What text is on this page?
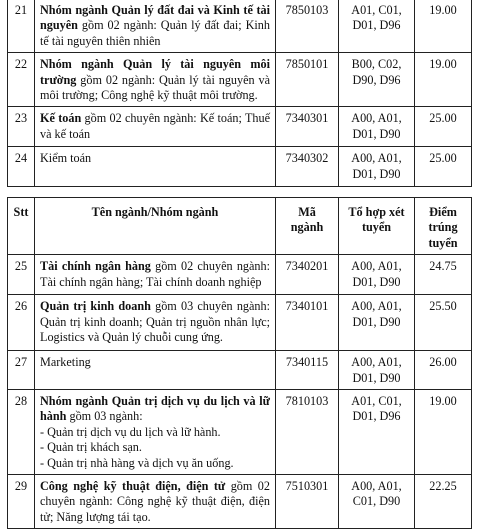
21	Nhóm ngành Quản lý đất đai và Kinh tế tài nguyên gồm 02 ngành: Quản lý đất đai; Kinh tế tài nguyên thiên nhiên	7850103	A01, C01, D01, D96	19.00
22	Nhóm ngành Quản lý tài nguyên môi trường gồm 02 ngành: Quản lý tài nguyên và môi trường; Công nghệ kỹ thuật môi trường.	7850101	B00, C02, D90, D96	19.00
23	Kế toán gồm 02 chuyên ngành: Kế toán; Thuế và kế toán	7340301	A00, A01, D01, D90	25.00
24	Kiểm toán	7340302	A00, A01, D01, D90	25.00
Stt	Tên ngành/Nhóm ngành	Mã ngành	Tổ hợp xét tuyển	Điểm trúng tuyển
25	Tài chính ngân hàng gồm 02 chuyên ngành: Tài chính ngân hàng; Tài chính doanh nghiệp	7340201	A00, A01, D01, D90	24.75
26	Quản trị kinh doanh gồm 03 chuyên ngành: Quản trị kinh doanh; Quản trị nguồn nhân lực; Logistics và Quản lý chuỗi cung ứng.	7340101	A00, A01, D01, D90	25.50
27	Marketing	7340115	A00, A01, D01, D90	26.00
28	Nhóm ngành Quản trị dịch vụ du lịch và lữ hành gồm 03 ngành:
- Quản trị dịch vụ du lịch và lữ hành.
- Quản trị khách sạn.
- Quản trị nhà hàng và dịch vụ ăn uống.	7810103	A01, C01, D01, D96	19.00
29	Công nghệ kỹ thuật điện, điện tử gồm 02 chuyên ngành: Công nghệ kỹ thuật điện, điện tử; Năng lượng tái tạo.	7510301	A00, A01, C01, D90	22.25
